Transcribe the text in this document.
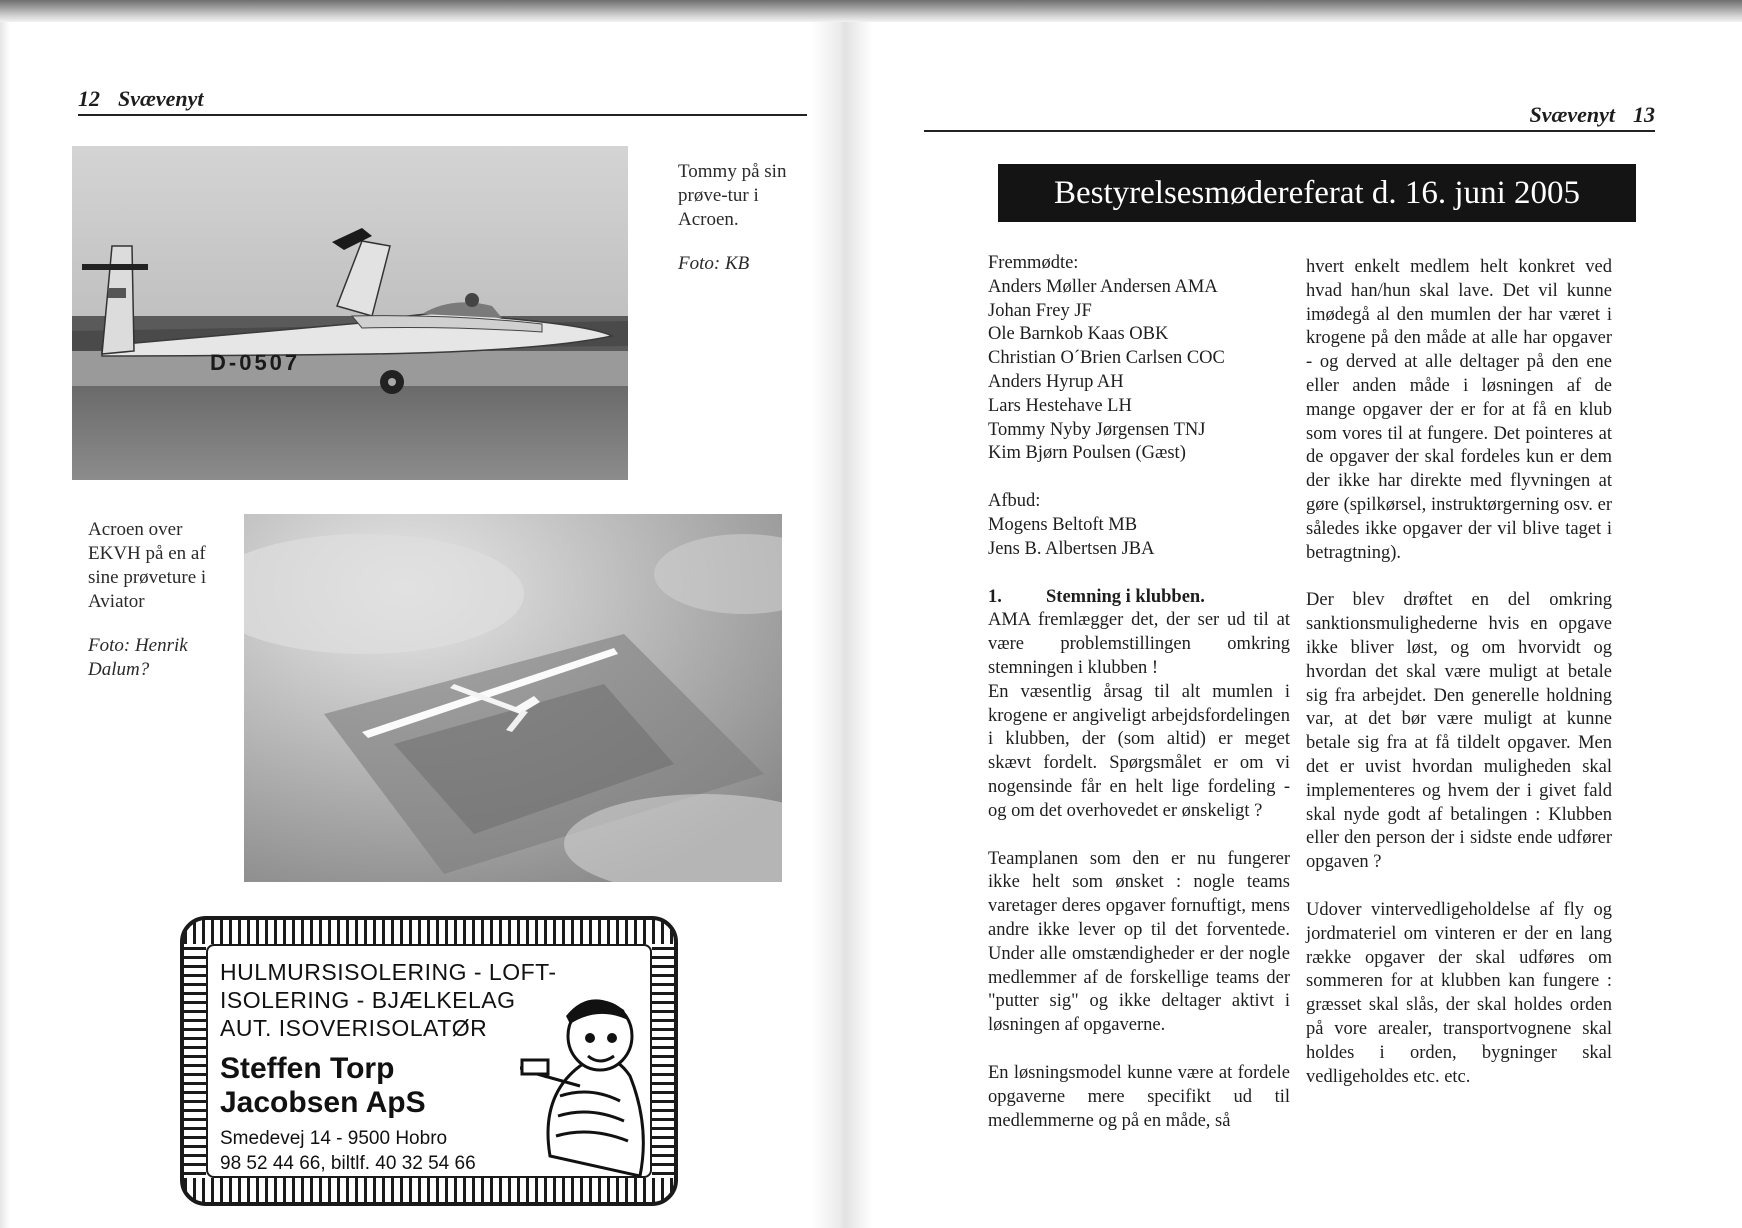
12 Svævenyt
D-0507
Tommy på sin prøve-tur i Acroen.
Foto: KB
Acroen over EKVH på en af sine prøveture i Aviator
Foto: Henrik Dalum?
HULMURSISOLERING - LOFT-
ISOLERING - BJÆLKELAG
AUT. ISOVERISOLATØR
Steffen Torp
Jacobsen ApS
Smedevej 14 - 9500 Hobro
98 52 44 66, biltlf. 40 32 54 66
Svævenyt 13
Bestyrelsesmødereferat d. 16. juni 2005

Fremmødte:

Anders Møller Andersen AMA

Johan Frey JF

Ole Barnkob Kaas OBK

Christian O´Brien Carlsen COC

Anders Hyrup AH

Lars Hestehave LH

Tommy Nyby Jørgensen TNJ

Kim Bjørn Poulsen (Gæst)

Afbud:

Mogens Beltoft MB

Jens B. Albertsen JBA

1. Stemning i klubben.

AMA fremlægger det, der ser ud til at være problemstillingen omkring stemningen i klubben !

En væsentlig årsag til alt mumlen i krogene er angiveligt arbejdsfordelingen i klubben, der (som altid) er meget skævt fordelt. Spørgsmålet er om vi nogensinde får en helt lige fordeling - og om det overhovedet er ønskeligt ?

Teamplanen som den er nu fungerer ikke helt som ønsket : nogle teams varetager deres opgaver fornuftigt, mens andre ikke lever op til det forventede. Under alle omstændigheder er der nogle medlemmer af de forskellige teams der "putter sig" og ikke deltager aktivt i løsningen af opgaverne.

En løsningsmodel kunne være at fordele opgaverne mere specifikt ud til medlemmerne og på en måde, så

hvert enkelt medlem helt konkret ved hvad han/hun skal lave. Det vil kunne imødegå al den mumlen der har været i krogene på den måde at alle har opgaver - og derved at alle deltager på den ene eller anden måde i løsningen af de mange opgaver der er for at få en klub som vores til at fungere. Det pointeres at de opgaver der skal fordeles kun er dem der ikke har direkte med flyvningen at gøre (spilkørsel, instruktørgerning osv. er således ikke opgaver der vil blive taget i betragtning).

Der blev drøftet en del omkring sanktionsmulighederne hvis en opgave ikke bliver løst, og om hvorvidt og hvordan det skal være muligt at betale sig fra arbejdet. Den generelle holdning var, at det bør være muligt at kunne betale sig fra at få tildelt opgaver. Men det er uvist hvordan muligheden skal implementeres og hvem der i givet fald skal nyde godt af betalingen : Klubben eller den person der i sidste ende udfører opgaven ?

Udover vintervedligeholdelse af fly og jordmateriel om vinteren er der en lang række opgaver der skal udføres om sommeren for at klubben kan fungere : græsset skal slås, der skal holdes orden på vore arealer, transportvognene skal holdes i orden, bygninger skal vedligeholdes etc. etc.
